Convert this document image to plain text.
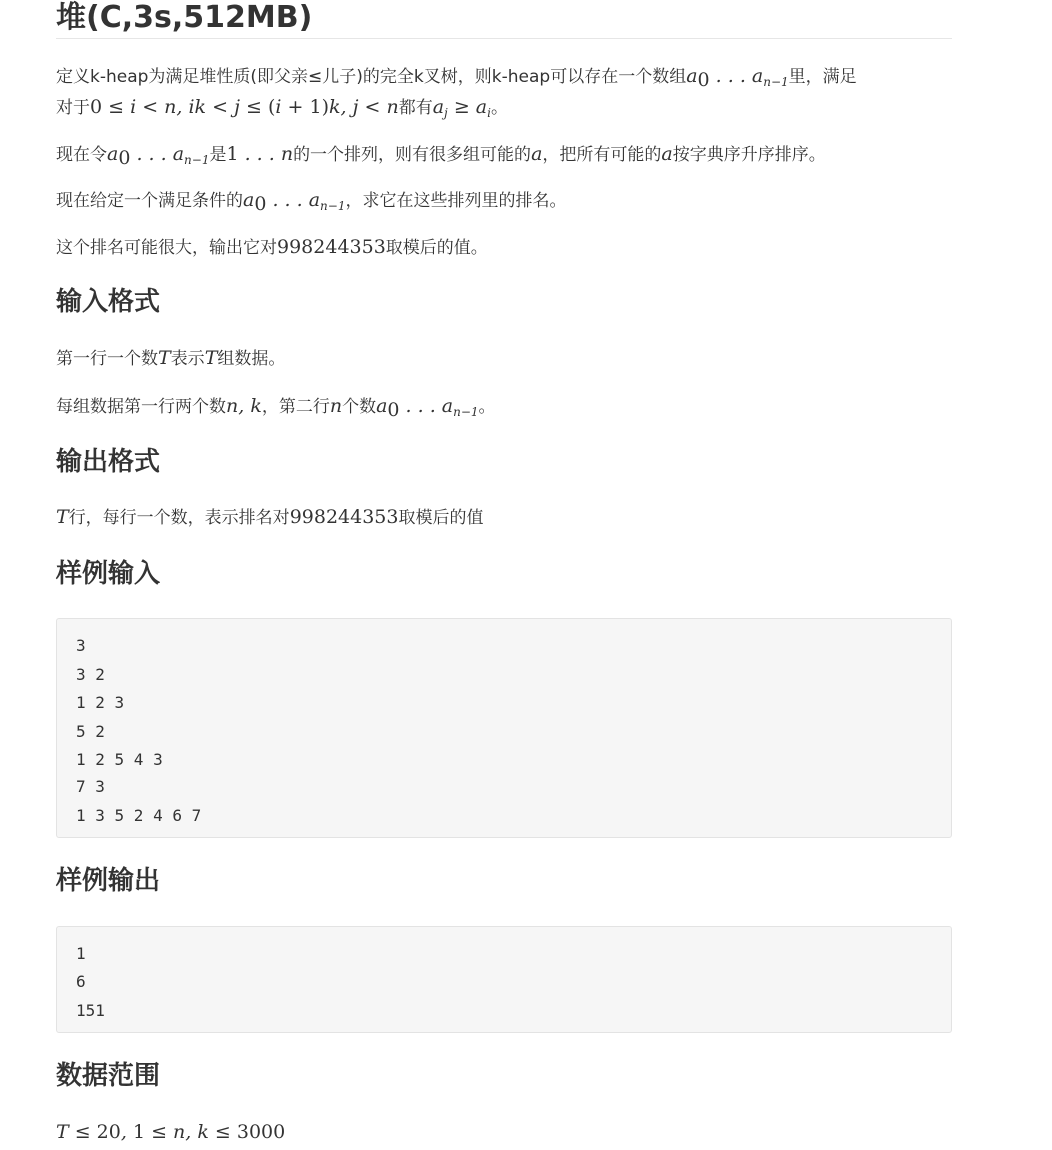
堆(C,3s,512MB)
定义k-heap为满足堆性质(即父亲≤儿子)的完全k叉树，则k-heap可以存在一个数组$a_0$ . . . $a_{n-1}$里，满足
对于0 ≤ i < n, ik < j ≤ (i + 1)k, j < n都有$a_j \ge a_i$。
现在令$a_0$ . . . $a_{n-1}$是1 . . . n的一个排列，则有很多组可能的a，把所有可能的a按字典序升序排序。
现在给定一个满足条件的$a_0$ . . . $a_{n-1}$，求它在这些排列里的排名。
这个排名可能很大，输出它对998244353取模后的值。
输入格式
第一行一个数T表示T组数据。
每组数据第一行两个数n, k，第二行n个数$a_0$ . . . $a_{n-1}$。
输出格式
T行，每行一个数，表示排名对998244353取模后的值
样例输入
3
3 2
1 2 3
5 2
1 2 5 4 3
7 3
1 3 5 2 4 6 7
样例输出
1
6
151
数据范围
T ≤ 20, 1 ≤ n, k ≤ 3000
